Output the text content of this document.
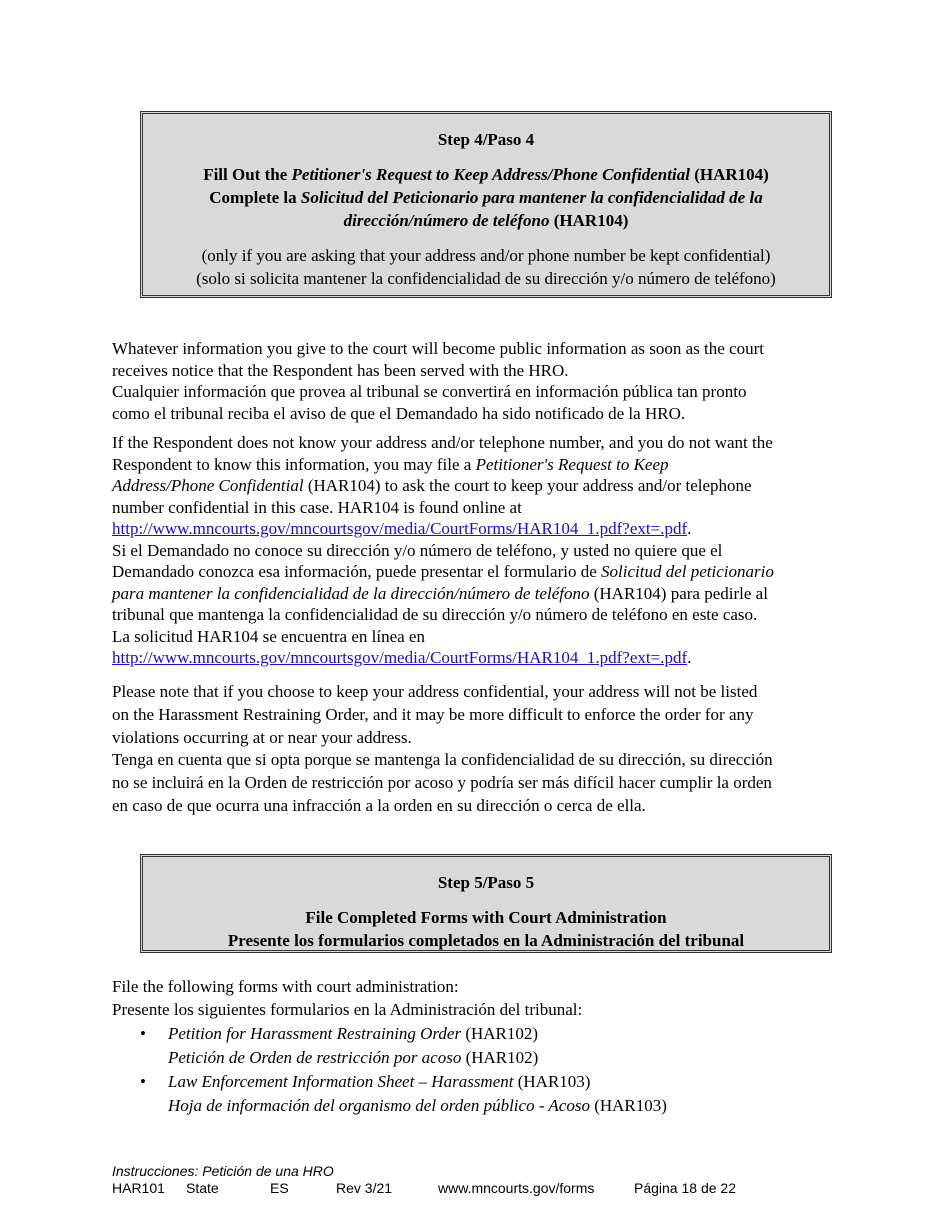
Step 4/Paso 4
Fill Out the Petitioner's Request to Keep Address/Phone Confidential (HAR104)
Complete la Solicitud del Peticionario para mantener la confidencialidad de la
dirección/número de teléfono (HAR104)
(only if you are asking that your address and/or phone number be kept confidential)
(solo si solicita mantener la confidencialidad de su dirección y/o número de teléfono)
Whatever information you give to the court will become public information as soon as the court
receives notice that the Respondent has been served with the HRO.
Cualquier información que provea al tribunal se convertirá en información pública tan pronto
como el tribunal reciba el aviso de que el Demandado ha sido notificado de la HRO.
If the Respondent does not know your address and/or telephone number, and you do not want the
Respondent to know this information, you may file a Petitioner's Request to Keep
Address/Phone Confidential (HAR104) to ask the court to keep your address and/or telephone
number confidential in this case. HAR104 is found online at
http://www.mncourts.gov/mncourtsgov/media/CourtForms/HAR104_1.pdf?ext=.pdf.
Si el Demandado no conoce su dirección y/o número de teléfono, y usted no quiere que el
Demandado conozca esa información, puede presentar el formulario de Solicitud del peticionario
para mantener la confidencialidad de la dirección/número de teléfono (HAR104) para pedirle al
tribunal que mantenga la confidencialidad de su dirección y/o número de teléfono en este caso.
La solicitud HAR104 se encuentra en línea en
http://www.mncourts.gov/mncourtsgov/media/CourtForms/HAR104_1.pdf?ext=.pdf.
Please note that if you choose to keep your address confidential, your address will not be listed
on the Harassment Restraining Order, and it may be more difficult to enforce the order for any
violations occurring at or near your address.
Tenga en cuenta que si opta porque se mantenga la confidencialidad de su dirección, su dirección
no se incluirá en la Orden de restricción por acoso y podría ser más difícil hacer cumplir la orden
en caso de que ocurra una infracción a la orden en su dirección o cerca de ella.
Step 5/Paso 5
File Completed Forms with Court Administration
Presente los formularios completados en la Administración del tribunal
File the following forms with court administration:
Presente los siguientes formularios en la Administración del tribunal:
• Petition for Harassment Restraining Order (HAR102)
Petición de Orden de restricción por acoso (HAR102)
• Law Enforcement Information Sheet – Harassment (HAR103)
Hoja de información del organismo del orden público - Acoso (HAR103)
Instrucciones: Petición de una HRO
HAR101 State	ES	Rev 3/21	www.mncourts.gov/forms	Página 18 de 22
